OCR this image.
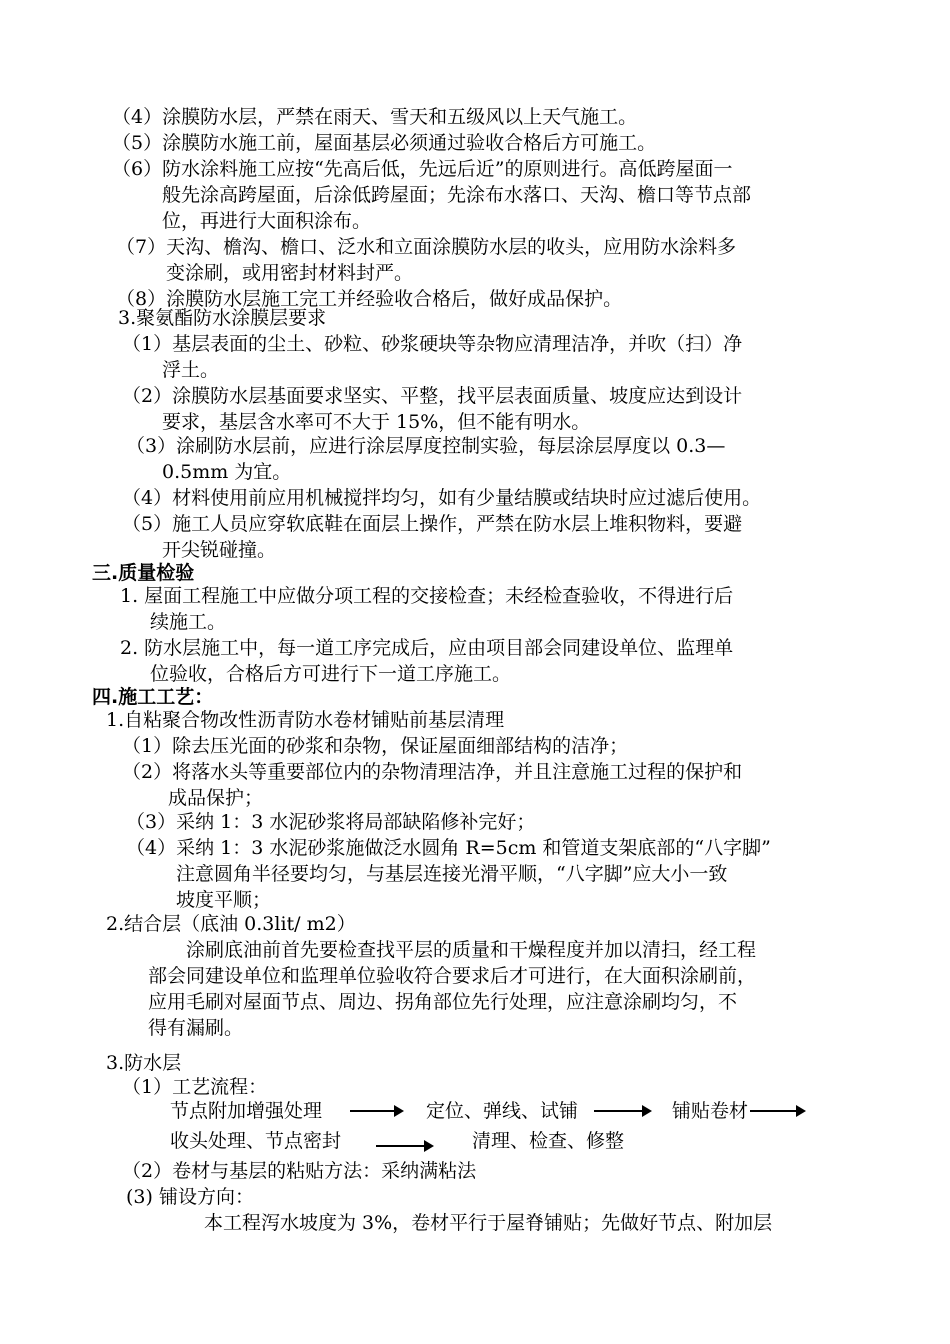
（4）涂膜防水层，严禁在雨天、雪天和五级风以上天气施工。
（5）涂膜防水施工前，屋面基层必须通过验收合格后方可施工。
（6）防水涂料施工应按“先高后低，先远后近”的原则进行。高低跨屋面一
般先涂高跨屋面，后涂低跨屋面；先涂布水落口、天沟、檐口等节点部
位，再进行大面积涂布。
（7）天沟、檐沟、檐口、泛水和立面涂膜防水层的收头，应用防水涂料多
变涂刷，或用密封材料封严。
（8）涂膜防水层施工完工并经验收合格后，做好成品保护。
3.聚氨酯防水涂膜层要求
（1）基层表面的尘土、砂粒、砂浆硬块等杂物应清理洁净，并吹（扫）净
浮土。
（2）涂膜防水层基面要求坚实、平整，找平层表面质量、坡度应达到设计
要求，基层含水率可不大于 15%，但不能有明水。
（3）涂刷防水层前，应进行涂层厚度控制实验，每层涂层厚度以 0.3—
0.5mm 为宜。
（4）材料使用前应用机械搅拌均匀，如有少量结膜或结块时应过滤后使用。
（5）施工人员应穿软底鞋在面层上操作，严禁在防水层上堆积物料，要避
开尖锐碰撞。
三.质量检验
1. 屋面工程施工中应做分项工程的交接检查；未经检查验收，不得进行后
续施工。
2. 防水层施工中，每一道工序完成后，应由项目部会同建设单位、监理单
位验收，合格后方可进行下一道工序施工。
四.施工工艺：
1.自粘聚合物改性沥青防水卷材铺贴前基层清理
（1）除去压光面的砂浆和杂物，保证屋面细部结构的洁净；
（2）将落水头等重要部位内的杂物清理洁净，并且注意施工过程的保护和
成品保护；
（3）采纳 1：3 水泥砂浆将局部缺陷修补完好；
（4）采纳 1：3 水泥砂浆施做泛水圆角 R=5cm 和管道支架底部的“八字脚”
注意圆角半径要均匀，与基层连接光滑平顺，“八字脚”应大小一致
坡度平顺；
2.结合层（底油 0.3lit/ m2）
涂刷底油前首先要检查找平层的质量和干燥程度并加以清扫，经工程
部会同建设单位和监理单位验收符合要求后才可进行，在大面积涂刷前，
应用毛刷对屋面节点、周边、拐角部位先行处理，应注意涂刷均匀，不
得有漏刷。
3.防水层
（1）工艺流程：
节点附加增强处理	定位、弹线、试铺	铺贴卷材
收头处理、节点密封	清理、检查、修整
（2）卷材与基层的粘贴方法：采纳满粘法
(3) 铺设方向：
本工程泻水坡度为 3%，卷材平行于屋脊铺贴；先做好节点、附加层
